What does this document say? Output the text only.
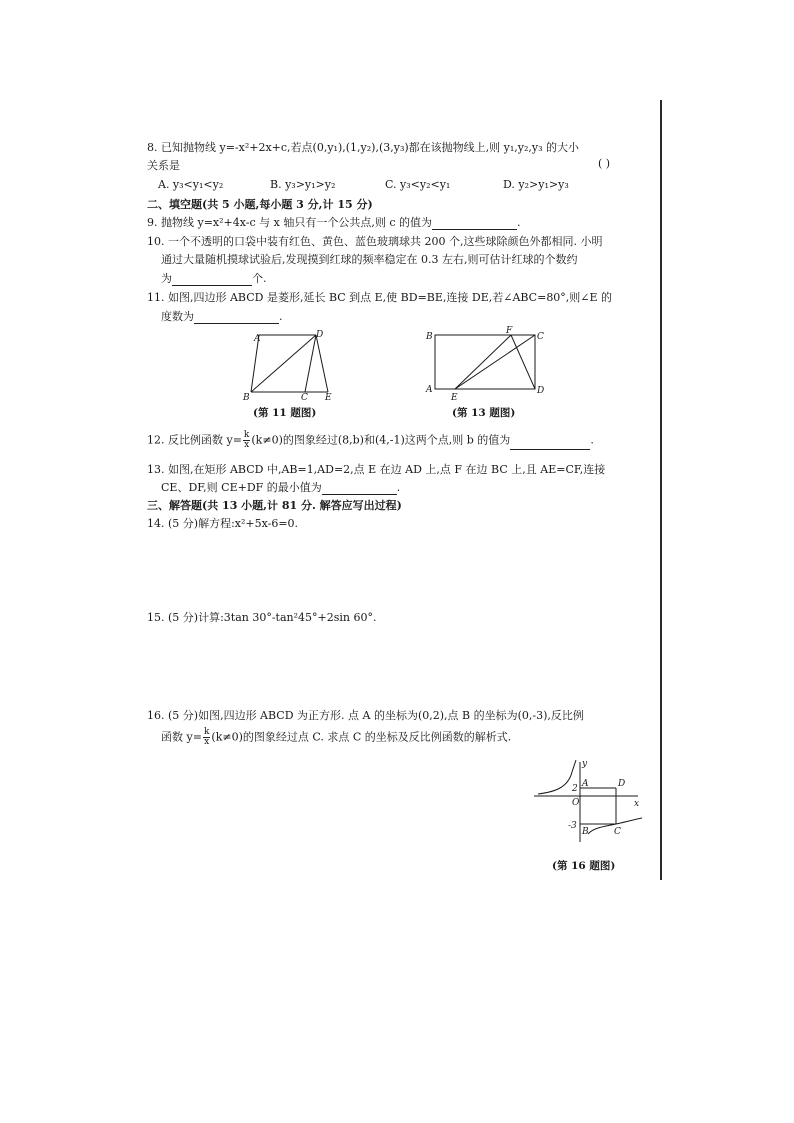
8. 已知抛物线 y=-x²+2x+c,若点(0,y₁),(1,y₂),(3,y₃)都在该抛物线上,则 y₁,y₂,y₃ 的大小
关系是	( )
A. y₃<y₁<y₂	B. y₃>y₁>y₂	C. y₃<y₂<y₁	D. y₂>y₁>y₃
二、填空题(共 5 小题,每小题 3 分,计 15 分)
9. 抛物线 y=x²+4x-c 与 x 轴只有一个公共点,则 c 的值为	.
10. 一个不透明的口袋中装有红色、黄色、蓝色玻璃球共 200 个,这些球除颜色外都相同. 小明
通过大量随机摸球试验后,发现摸到红球的频率稳定在 0.3 左右,则可估计红球的个数约
为	个.
11. 如图,四边形 ABCD 是菱形,延长 BC 到点 E,使 BD=BE,连接 DE,若∠ABC=80°,则∠E 的
度数为	.
A	D
B	C E
(第 11 题图)
B
F
C
A
E
D
(第 13 题图)
12. 反比例函数 $y= \frac{k}{x} (k\ne 0)$的图象经过(8,b)和(4,-1)这两个点,则 b 的值为	.
13. 如图,在矩形 ABCD 中,AB=1,AD=2,点 E 在边 AD 上,点 F 在边 BC 上,且 AE=CF,连接
CE、DF,则 CE+DF 的最小值为	.
三、解答题(共 13 小题,计 81 分. 解答应写出过程)
14. (5 分)解方程:x²+5x-6=0.
15. (5 分)计算:3tan 30°-tan²45°+2sin 60°.
16. (5 分)如图,四边形 ABCD 为正方形. 点 A 的坐标为(0,2),点 B 的坐标为(0,-3),反比例
函数 $y= \frac{k}{x} (k\ne 0)$的图象经过点 C. 求点 C 的坐标及反比例函数的解析式.
y
x
O
A	D
B	C
2
-3
(第 16 题图)
